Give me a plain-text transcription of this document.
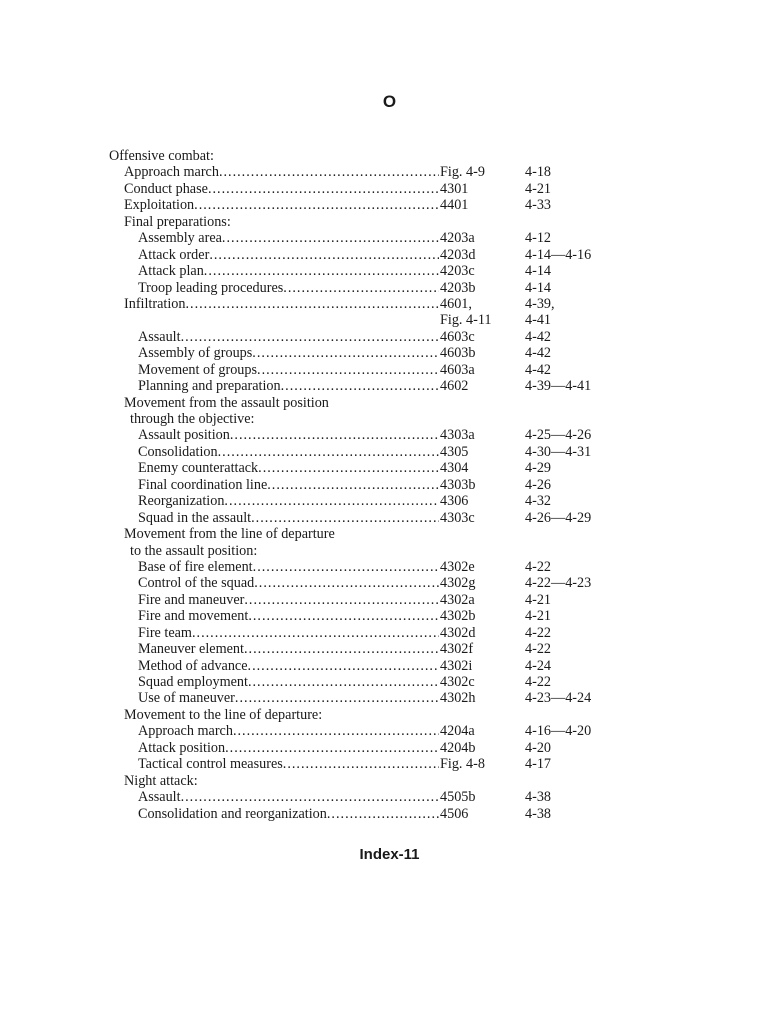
O
Offensive combat:
Approach march .....	Fig. 4-9	4-18
Conduct phase .....	4301	4-21
Exploitation .....	4401	4-33
Final preparations:
Assembly area .....	4203a	4-12
Attack order .....	4203d	4-14—4-16
Attack plan .....	4203c	4-14
Troop leading procedures .....	4203b	4-14
Infiltration .....	4601,	4-39,
Fig. 4-11	4-41
Assault .....	4603c	4-42
Assembly of groups .....	4603b	4-42
Movement of groups .....	4603a	4-42
Planning and preparation .....	4602	4-39—4-41
Movement from the assault position
through the objective:
Assault position .....	4303a	4-25—4-26
Consolidation .....	4305	4-30—4-31
Enemy counterattack .....	4304	4-29
Final coordination line .....	4303b	4-26
Reorganization .....	4306	4-32
Squad in the assault .....	4303c	4-26—4-29
Movement from the line of departure
to the assault position:
Base of fire element .....	4302e	4-22
Control of the squad .....	4302g	4-22—4-23
Fire and maneuver .....	4302a	4-21
Fire and movement .....	4302b	4-21
Fire team .....	4302d	4-22
Maneuver element .....	4302f	4-22
Method of advance .....	4302i	4-24
Squad employment .....	4302c	4-22
Use of maneuver .....	4302h	4-23—4-24
Movement to the line of departure:
Approach march .....	4204a	4-16—4-20
Attack position .....	4204b	4-20
Tactical control measures .....	Fig. 4-8	4-17
Night attack:
Assault .....	4505b	4-38
Consolidation and reorganization .....	4506	4-38
Index-11
